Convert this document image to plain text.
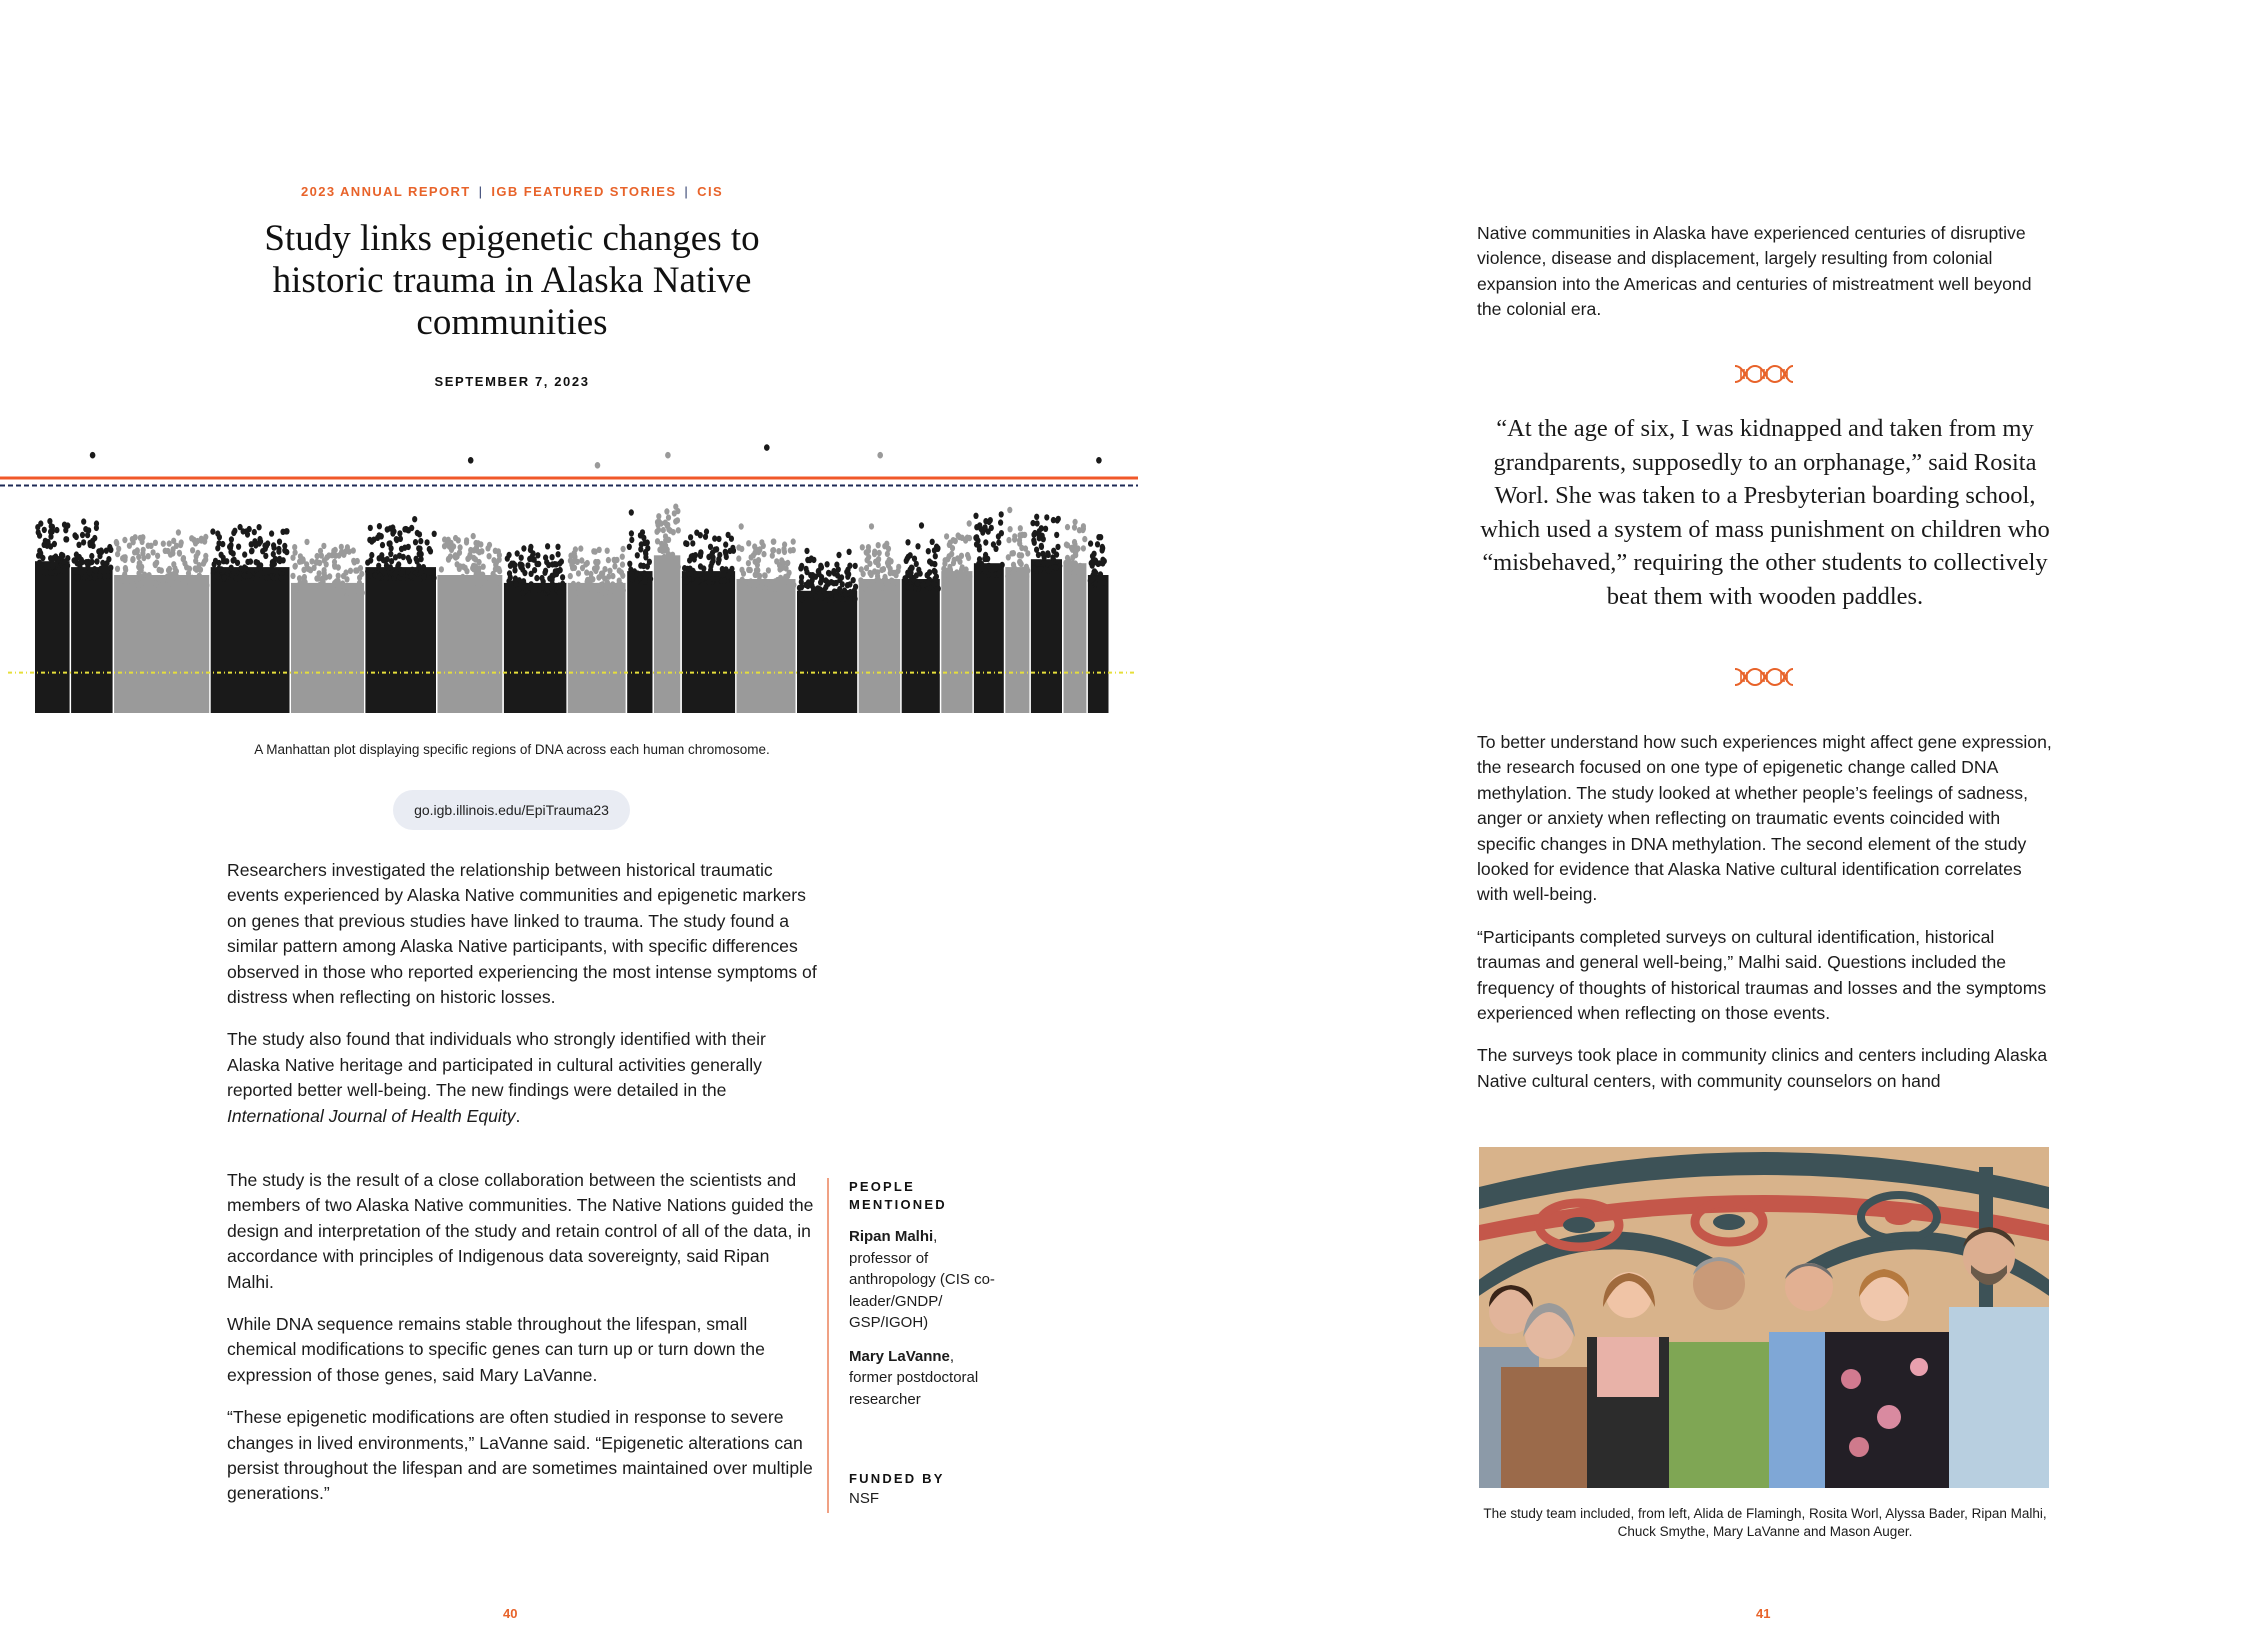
2023 ANNUAL REPORT | IGB FEATURED STORIES | CIS
Study links epigenetic changes to historic trauma in Alaska Native communities
SEPTEMBER 7, 2023
A Manhattan plot displaying specific regions of DNA across each human chromosome.
go.igb.illinois.edu/EpiTrauma23

Researchers investigated the relationship between historical traumatic events experienced by Alaska Native communities and epigenetic markers on genes that previous studies have linked to trauma. The study found a similar pattern among Alaska Native participants, with specific differences observed in those who reported experiencing the most intense symptoms of distress when reflecting on historic losses.

The study also found that individuals who strongly identified with their Alaska Native heritage and participated in cultural activities generally reported better well-being. The new findings were detailed in the International Journal of Health Equity.

The study is the result of a close collaboration between the scientists and members of two Alaska Native communities. The Native Nations guided the design and interpretation of the study and retain control of all of the data, in accordance with principles of Indigenous data sovereignty, said Ripan Malhi.

While DNA sequence remains stable throughout the lifespan, small chemical modifications to specific genes can turn up or turn down the expression of those genes, said Mary LaVanne.

“These epigenetic modifications are often studied in response to severe changes in lived environments,” LaVanne said. “Epigenetic alterations can persist throughout the lifespan and are sometimes maintained over multiple generations.”

PEOPLE MENTIONED
Ripan Malhi,
professor of anthropology (CIS co-leader/GNDP/ GSP/IGOH)
Mary LaVanne,
former postdoctoral researcher
FUNDED BY
NSF
40
Native communities in Alaska have experienced centuries of disruptive violence, disease and displacement, largely resulting from colonial expansion into the Americas and centuries of mistreatment well beyond the colonial era.
“At the age of six, I was kidnapped and taken from my grandparents, supposedly to an orphanage,” said Rosita Worl. She was taken to a Presbyterian boarding school, which used a system of mass punishment on children who “misbehaved,” requiring the other students to collectively beat them with wooden paddles.

To better understand how such experiences might affect gene expression, the research focused on one type of epigenetic change called DNA methylation. The study looked at whether people’s feelings of sadness, anger or anxiety when reflecting on traumatic events coincided with specific changes in DNA methylation. The second element of the study looked for evidence that Alaska Native cultural identification correlates with well-being.

“Participants completed surveys on cultural identification, historical traumas and general well-being,” Malhi said. Questions included the frequency of thoughts of historical traumas and losses and the symptoms experienced when reflecting on those events.

The surveys took place in community clinics and centers including Alaska Native cultural centers, with community counselors on hand

The study team included, from left, Alida de Flamingh, Rosita Worl, Alyssa Bader, Ripan Malhi, Chuck Smythe, Mary LaVanne and Mason Auger.
41
